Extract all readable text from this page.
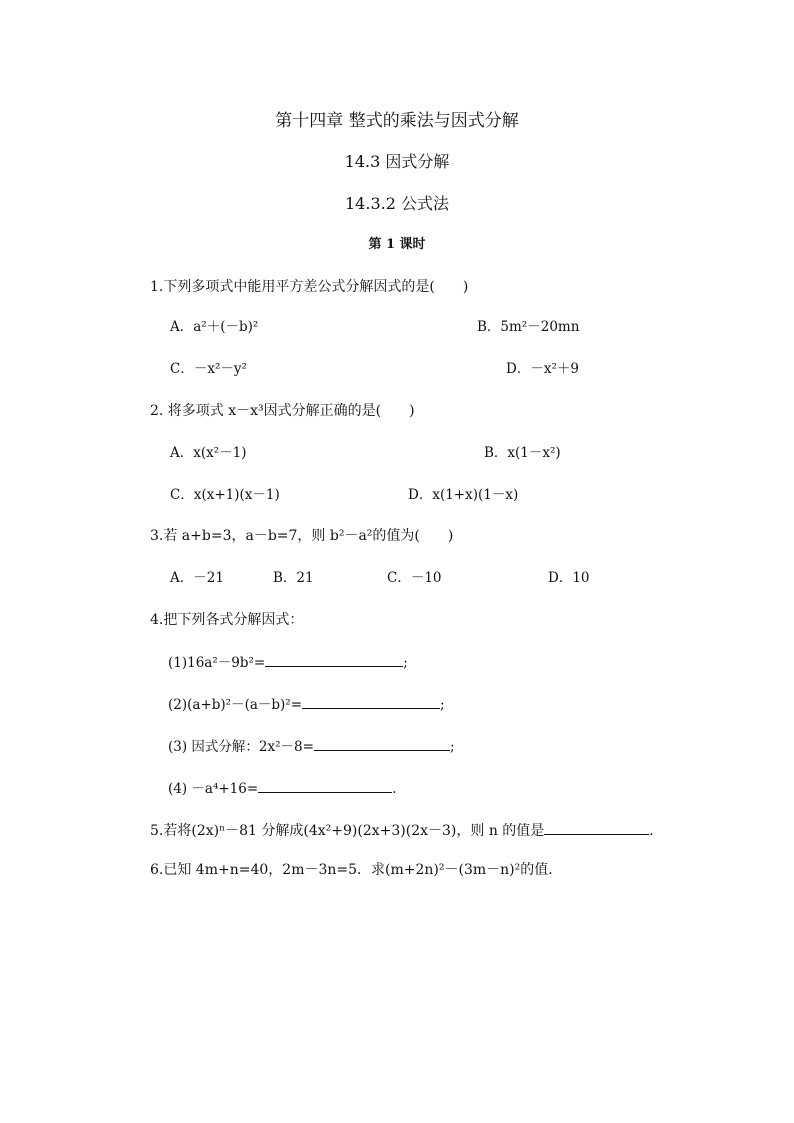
第十四章 整式的乘法与因式分解
14.3 因式分解
14.3.2 公式法
第 1 课时
1.下列多项式中能用平方差公式分解因式的是(　　)
A．a²＋(－b)²	B．5m²－20mn
C．－x²－y²	D．－x²＋9
2. 将多项式 x－x³因式分解正确的是(　　)
A．x(x²－1)	B．x(1－x²)
C．x(x+1)(x－1)	D．x(1+x)(1－x)
3.若 a+b=3，a－b=7，则 b²－a²的值为(　　)
A．－21	B．21	C．－10	D．10
4.把下列各式分解因式：
(1)16a²－9b²=	;
(2)(a+b)²－(a－b)²=	;
(3) 因式分解：2x²－8=	;
(4) －a⁴+16=	.
5.若将(2x)ⁿ－81 分解成(4x²+9)(2x+3)(2x－3)，则 n 的值是	.
6.已知 4m+n=40，2m－3n=5．求(m+2n)²－(3m－n)²的值．
